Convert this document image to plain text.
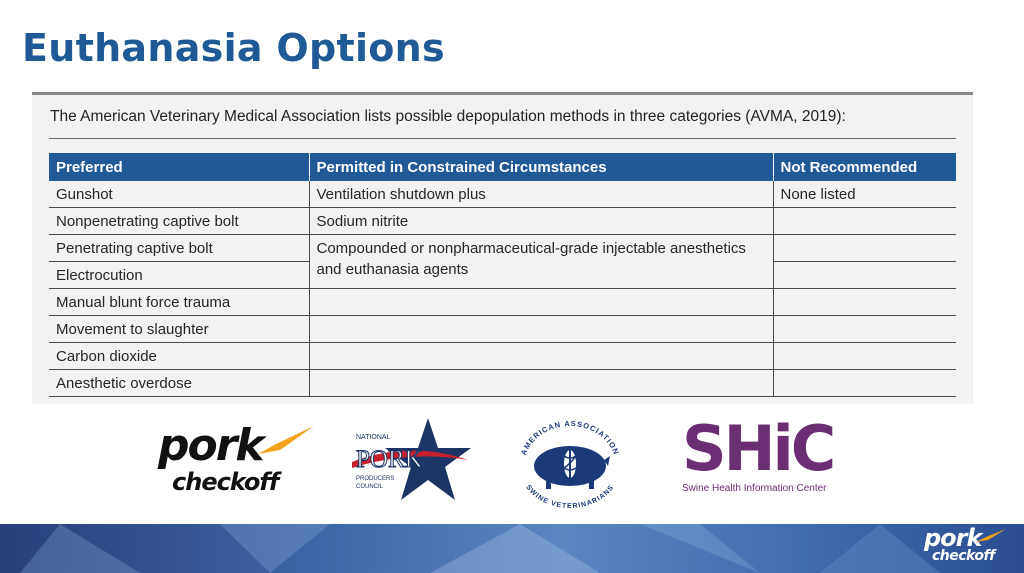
Euthanasia Options

The American Veterinary Medical Association lists possible depopulation methods in three categories (AVMA, 2019):

Preferred	Permitted in Constrained Circumstances	Not Recommended
Gunshot	Ventilation shutdown plus	None listed
Nonpenetrating captive bolt	Sodium nitrite	
Penetrating captive bolt	Compounded or nonpharmaceutical-grade injectable anesthetics and euthanasia agents	
Electrocution		
Manual blunt force trauma		
Movement to slaughter		
Carbon dioxide		
Anesthetic overdose		
pork
checkoff
NATIONAL
PORK
PRODUCERS
COUNCIL
AMERICAN ASSOCIATION
SWINE VETERINARIANS
SHiC
Swine Health Information Center
pork
checkoff
